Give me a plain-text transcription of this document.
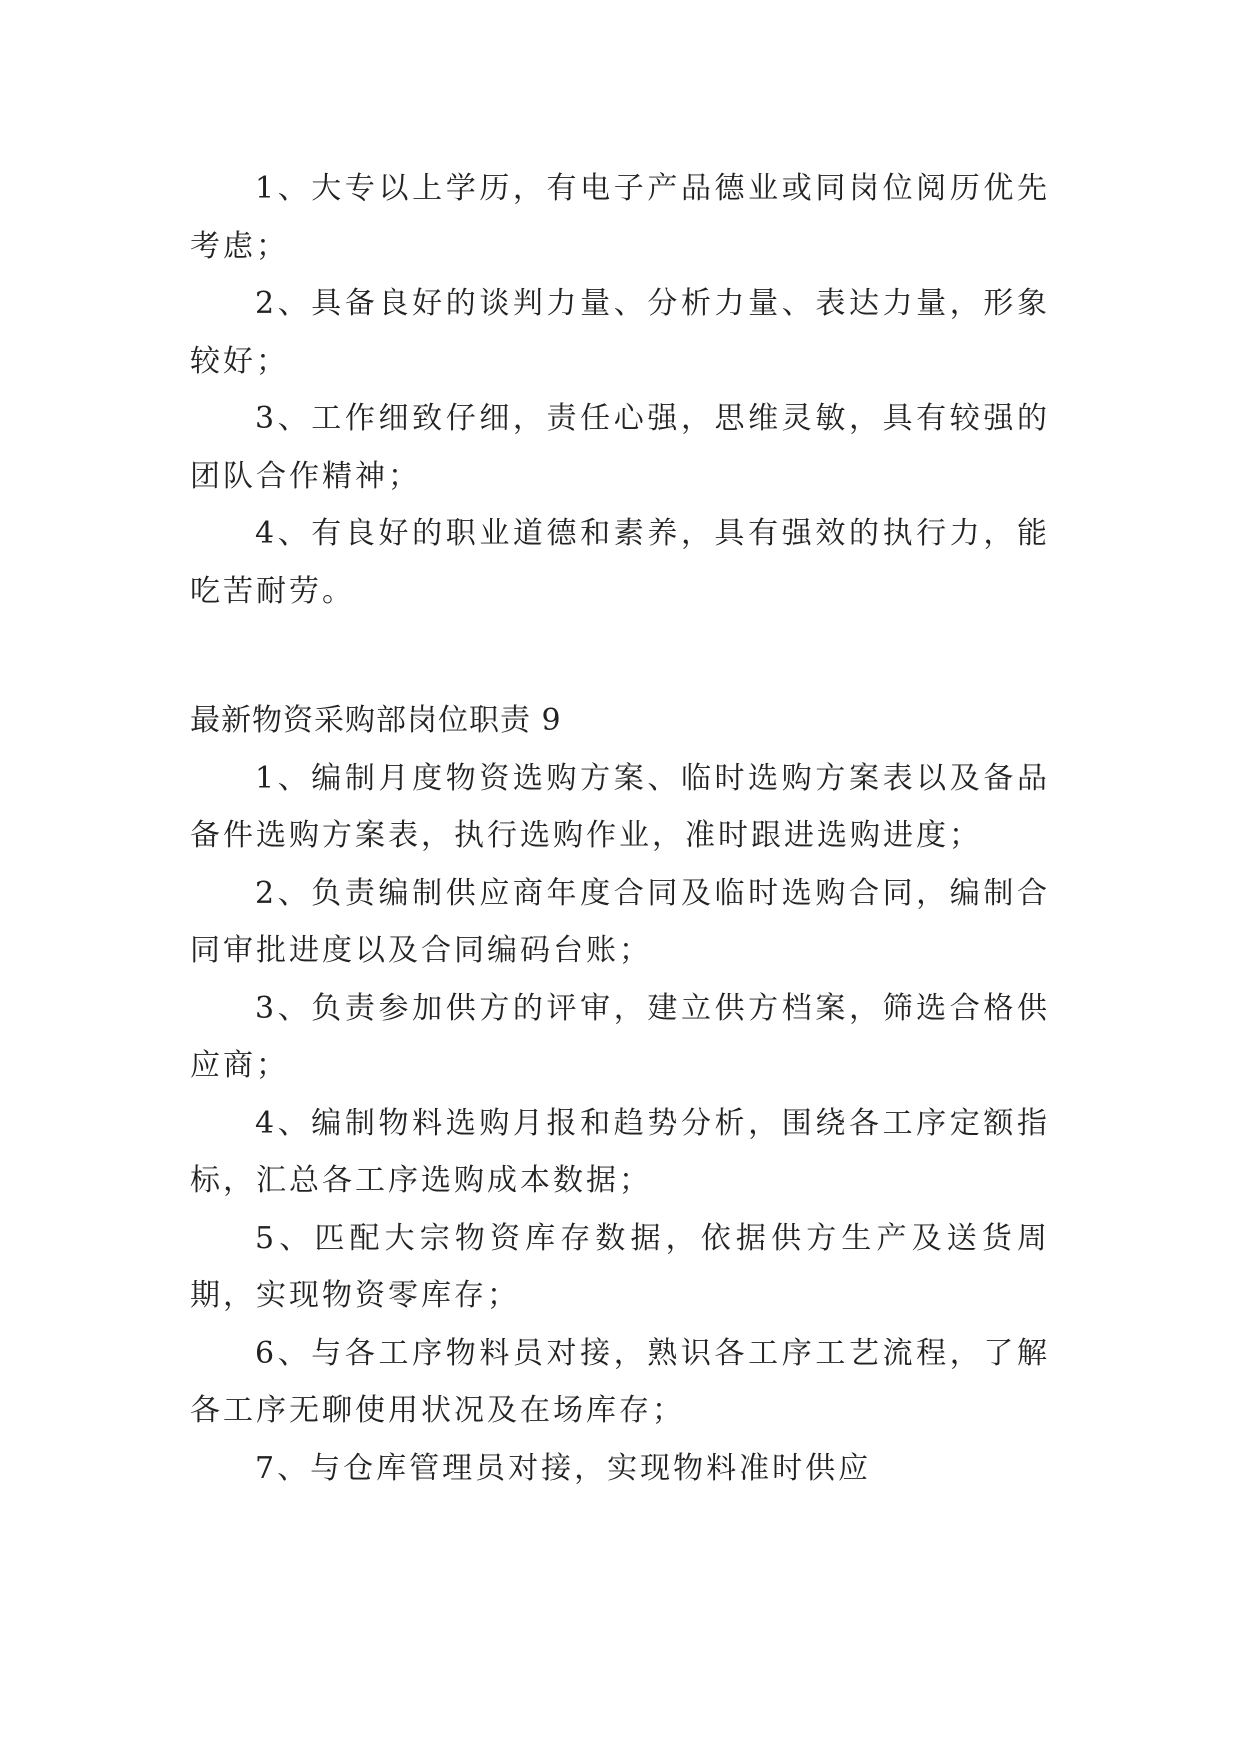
1、大专以上学历，有电子产品德业或同岗位阅历优先考虑；

2、具备良好的谈判力量、分析力量、表达力量，形象较好；

3、工作细致仔细，责任心强，思维灵敏，具有较强的团队合作精神；

4、有良好的职业道德和素养，具有强效的执行力，能吃苦耐劳。

最新物资采购部岗位职责 9

1、编制月度物资选购方案、临时选购方案表以及备品备件选购方案表，执行选购作业，准时跟进选购进度；

2、负责编制供应商年度合同及临时选购合同，编制合同审批进度以及合同编码台账；

3、负责参加供方的评审，建立供方档案，筛选合格供应商；

4、编制物料选购月报和趋势分析，围绕各工序定额指标，汇总各工序选购成本数据；

5、匹配大宗物资库存数据，依据供方生产及送货周期，实现物资零库存；

6、与各工序物料员对接，熟识各工序工艺流程，了解各工序无聊使用状况及在场库存；

7、与仓库管理员对接，实现物料准时供应
